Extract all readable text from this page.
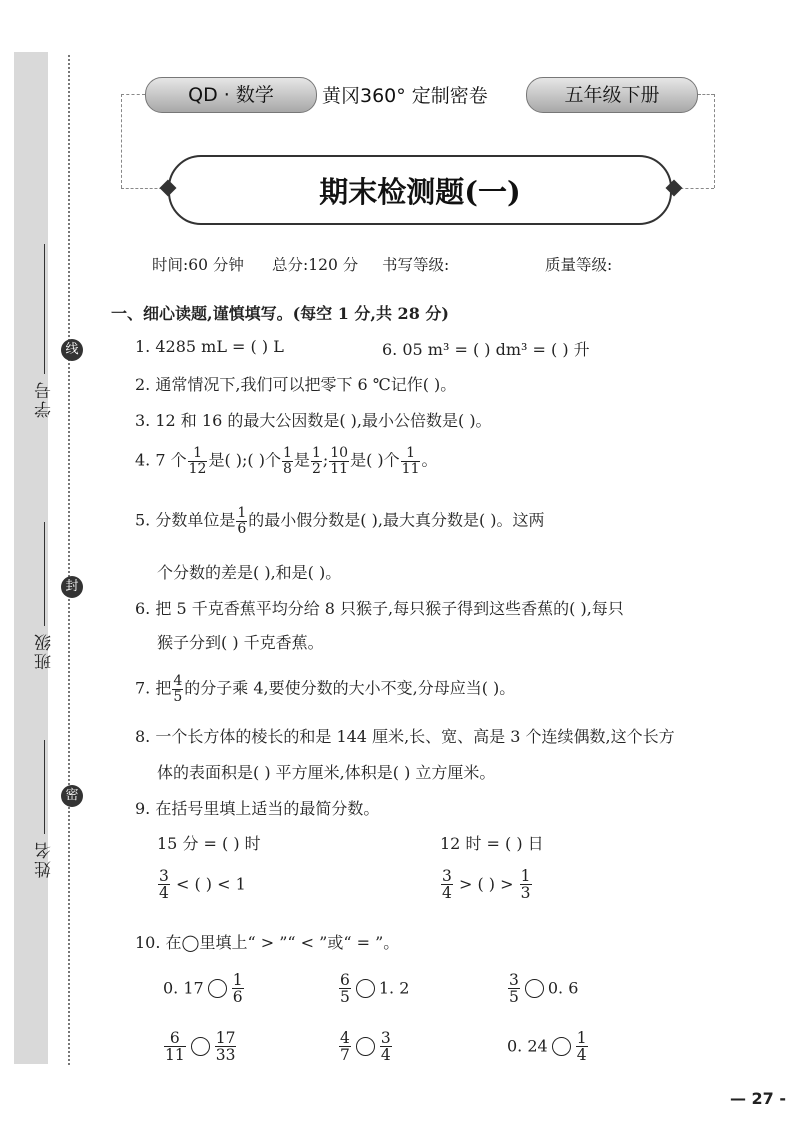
学号
班级
姓名
线
封
密
QD · 数学	黄冈360° 定制密卷	五年级下册
期末检测题(一)
时间:60 分钟 总分:120 分 书写等级:	质量等级:
一、细心读题,谨慎填写。(每空 1 分,共 28 分)
1. 4285 mL = ( ) L	6. 05 m³ = ( ) dm³ = ( ) 升
2. 通常情况下,我们可以把零下 6 ℃记作( )。
3. 12 和 16 的最大公因数是( ),最小公倍数是( )。
4. 7 个 $\frac{1}{12}$ 是( );( )个 $\frac{1}{8}$ 是 $\frac{1}{2}$ ; $\frac{10}{11}$ 是( )个 $\frac{1}{11}$ 。
5. 分数单位是 $\frac{1}{6}$ 的最小假分数是( ),最大真分数是( )。这两
个分数的差是( ),和是( )。
6. 把 5 千克香蕉平均分给 8 只猴子,每只猴子得到这些香蕉的( ),每只
猴子分到( ) 千克香蕉。
7. 把 $\frac{4}{5}$ 的分子乘 4,要使分数的大小不变,分母应当( )。
8. 一个长方体的棱长的和是 144 厘米,长、宽、高是 3 个连续偶数,这个长方
体的表面积是( ) 平方厘米,体积是( ) 立方厘米。
9. 在括号里填上适当的最简分数。
15 分 = ( ) 时	12 时 = ( ) 日
$\frac{3}{4}$ < ( ) < 1	$\frac{3}{4}$ > ( ) > $\frac{1}{3}$
10. 在◯里填上“ > ”“ < ”或“ = ”。
0. $17 \frac{1}{6}$	$\frac{6}{5} 1$. 2	$\frac{3}{5} 0$. 6
$\frac{6}{11} \frac{17}{33}$	$\frac{4}{7} \frac{3}{4}$	0. $24 \frac{1}{4}$
— 27 -
